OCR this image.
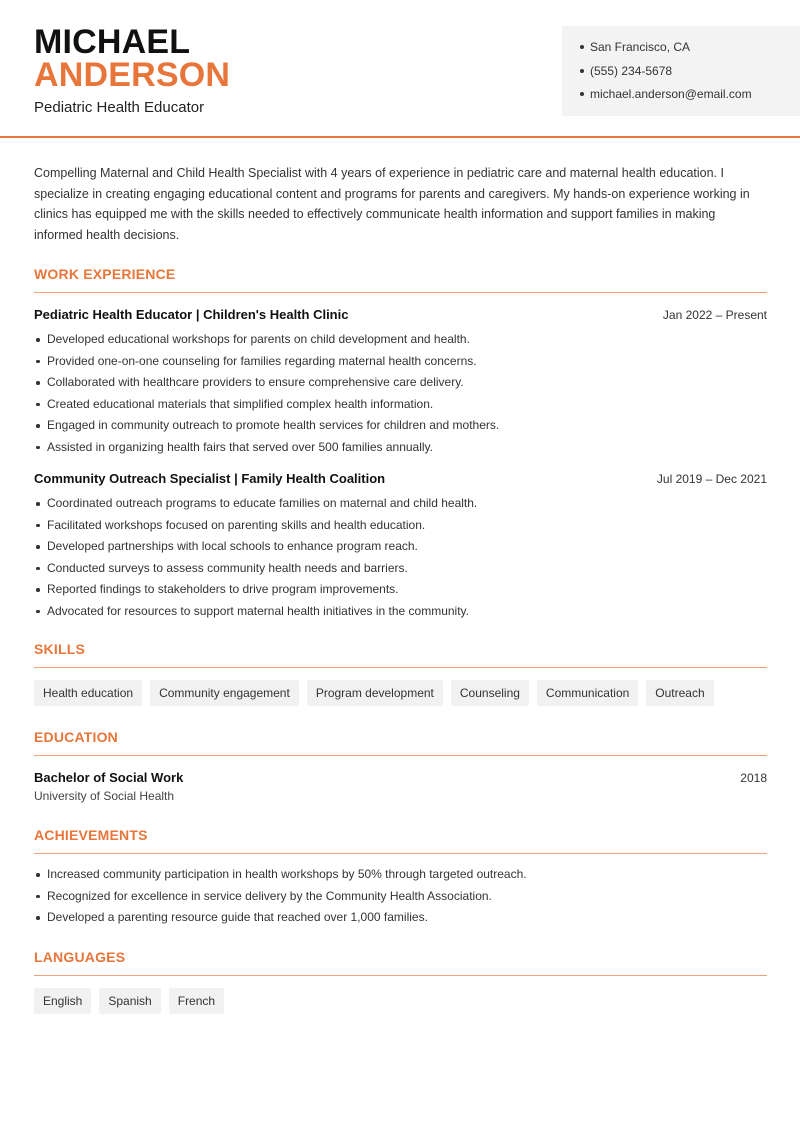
MICHAEL
ANDERSON
Pediatric Health Educator
San Francisco, CA
(555) 234-5678
michael.anderson@email.com

Compelling Maternal and Child Health Specialist with 4 years of experience in pediatric care and maternal health education. I specialize in creating engaging educational content and programs for parents and caregivers. My hands-on experience working in clinics has equipped me with the skills needed to effectively communicate health information and support families in making informed health decisions.

WORK EXPERIENCE
Pediatric Health Educator | Children's Health Clinic	Jan 2022 – Present
Developed educational workshops for parents on child development and health.
Provided one-on-one counseling for families regarding maternal health concerns.
Collaborated with healthcare providers to ensure comprehensive care delivery.
Created educational materials that simplified complex health information.
Engaged in community outreach to promote health services for children and mothers.
Assisted in organizing health fairs that served over 500 families annually.
Community Outreach Specialist | Family Health Coalition	Jul 2019 – Dec 2021
Coordinated outreach programs to educate families on maternal and child health.
Facilitated workshops focused on parenting skills and health education.
Developed partnerships with local schools to enhance program reach.
Conducted surveys to assess community health needs and barriers.
Reported findings to stakeholders to drive program improvements.
Advocated for resources to support maternal health initiatives in the community.
SKILLS
Health education	Community engagement	Program development	Counseling	Communication	Outreach
EDUCATION
Bachelor of Social Work	2018
University of Social Health
ACHIEVEMENTS
Increased community participation in health workshops by 50% through targeted outreach.
Recognized for excellence in service delivery by the Community Health Association.
Developed a parenting resource guide that reached over 1,000 families.
LANGUAGES
English	Spanish	French
